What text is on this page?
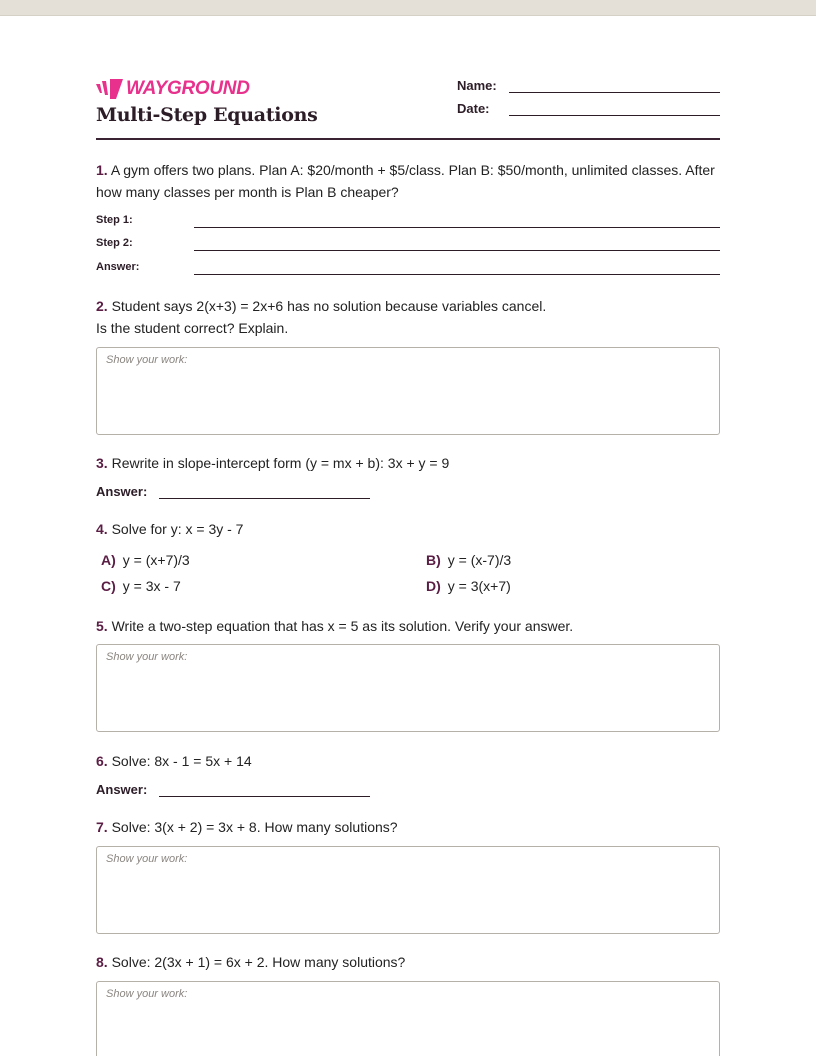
WAYGROUND
Multi-Step Equations
Name:
Date:
1. A gym offers two plans. Plan A: $20/month + $5/class. Plan B: $50/month, unlimited classes. After how many classes per month is Plan B cheaper?
Step 1:
Step 2:
Answer:
2. Student says 2(x+3) = 2x+6 has no solution because variables cancel.
Is the student correct? Explain.
Show your work:
3. Rewrite in slope-intercept form (y = mx + b): 3x + y = 9
Answer:
4. Solve for y: x = 3y - 7
A) y = (x+7)/3	B) y = (x-7)/3
C) y = 3x - 7	D) y = 3(x+7)
5. Write a two-step equation that has x = 5 as its solution. Verify your answer.
Show your work:
6. Solve: 8x - 1 = 5x + 14
Answer:
7. Solve: 3(x + 2) = 3x + 8. How many solutions?
Show your work:
8. Solve: 2(3x + 1) = 6x + 2. How many solutions?
Show your work:
